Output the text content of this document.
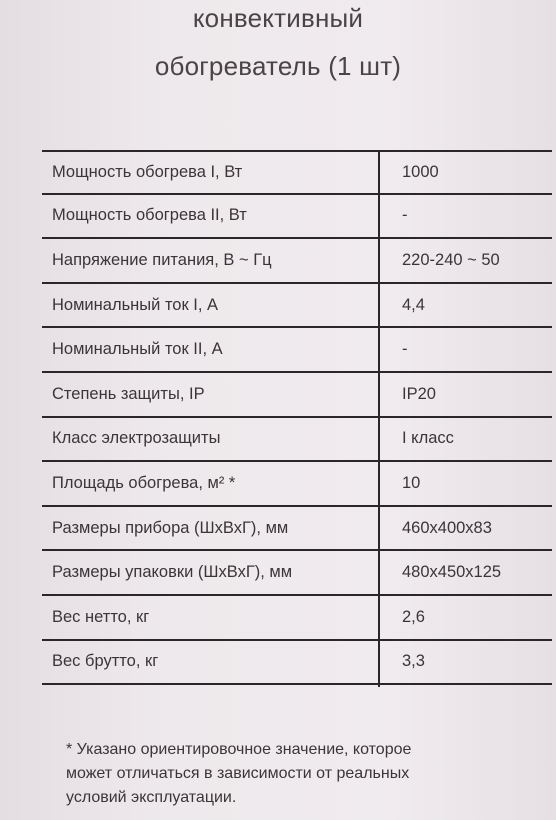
конвективный
обогреватель (1 шт)
Мощность обогрева I, Вт	1000
Мощность обогрева II, Вт	-
Напряжение питания, В ~ Гц	220-240 ~ 50
Номинальный ток I, А	4,4
Номинальный ток II, А	-
Степень защиты, IP	IP20
Класс электрозащиты	I класс
Площадь обогрева, м² *	10
Размеры прибора (ШхВхГ), мм	460х400х83
Размеры упаковки (ШхВхГ), мм	480х450х125
Вес нетто, кг	2,6
Вес брутто, кг	3,3
* Указано ориентировочное значение, которое
может отличаться в зависимости от реальных
условий эксплуатации.
